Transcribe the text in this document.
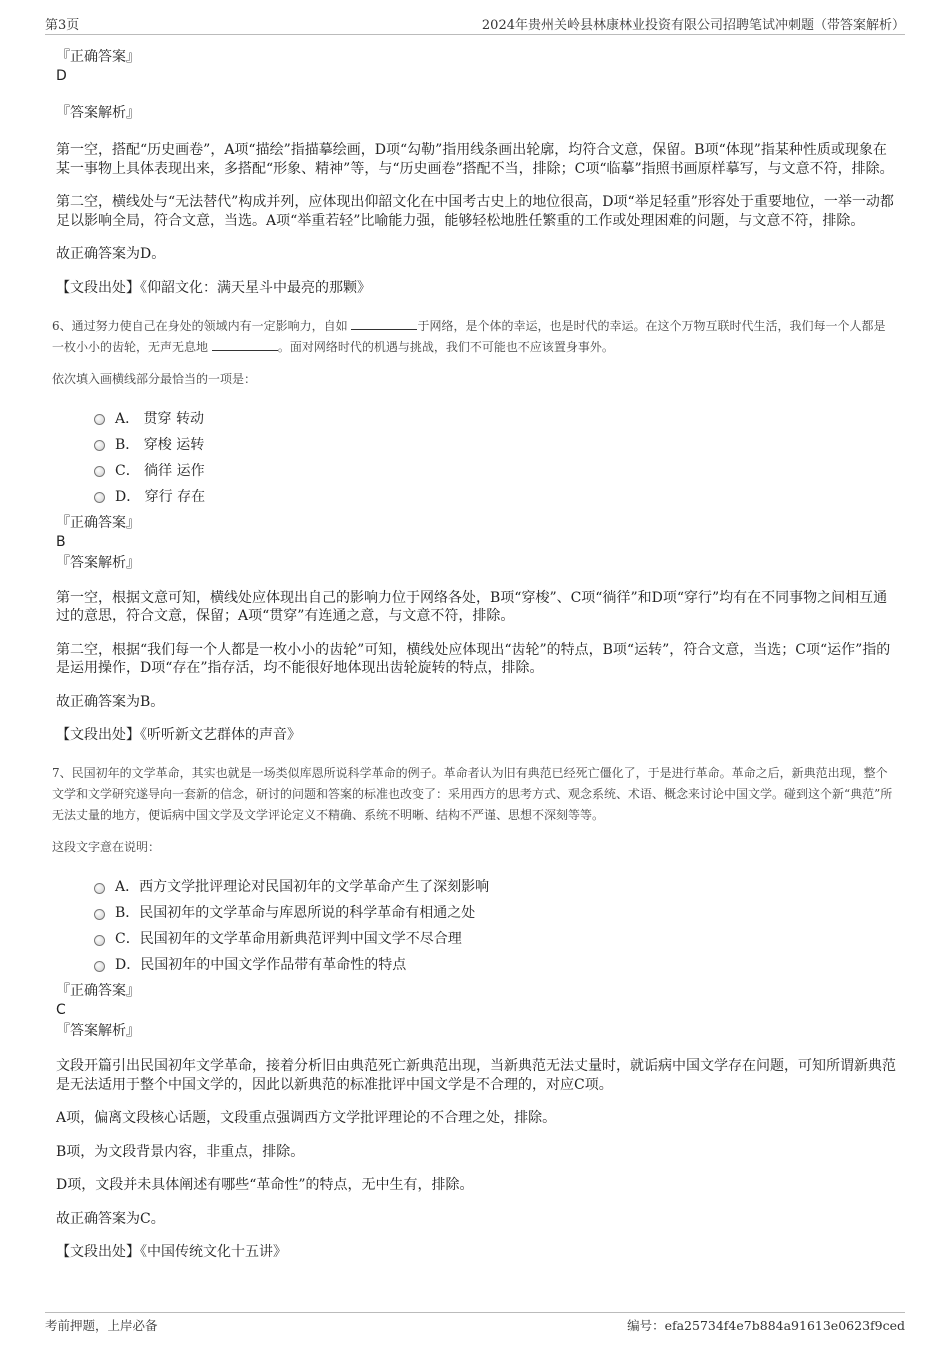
第3页	2024年贵州关岭县林康林业投资有限公司招聘笔试冲刺题（带答案解析）
『正确答案』
D
『答案解析』

第一空，搭配“历史画卷”，A项“描绘”指描摹绘画，D项“勾勒”指用线条画出轮廓，均符合文意，保留。B项“体现”指某种性质或现象在某一事物上具体表现出来，多搭配“形象、精神”等，与“历史画卷”搭配不当，排除；C项“临摹”指照书画原样摹写，与文意不符，排除。

第二空，横线处与“无法替代”构成并列，应体现出仰韶文化在中国考古史上的地位很高，D项“举足轻重”形容处于重要地位，一举一动都足以影响全局，符合文意，当选。A项“举重若轻”比喻能力强，能够轻松地胜任繁重的工作或处理困难的问题，与文意不符，排除。

故正确答案为D。

【文段出处】《仰韶文化：满天星斗中最亮的那颗》

6、通过努力使自己在身处的领域内有一定影响力，自如	于网络，是个体的幸运，也是时代的幸运。在这个万物互联时代生活，我们每一个人都是一枚小小的齿轮，无声无息地	。面对网络时代的机遇与挑战，我们不可能也不应该置身事外。

依次填入画横线部分最恰当的一项是：

A． 贯穿 转动
B． 穿梭 运转
C． 徜徉 运作
D． 穿行 存在
『正确答案』
B
『答案解析』

第一空，根据文意可知，横线处应体现出自己的影响力位于网络各处，B项“穿梭”、C项“徜徉”和D项“穿行”均有在不同事物之间相互通过的意思，符合文意，保留；A项“贯穿”有连通之意，与文意不符，排除。

第二空，根据“我们每一个人都是一枚小小的齿轮”可知，横线处应体现出“齿轮”的特点，B项“运转”，符合文意，当选；C项“运作”指的是运用操作，D项“存在”指存活，均不能很好地体现出齿轮旋转的特点，排除。

故正确答案为B。

【文段出处】《听听新文艺群体的声音》

7、民国初年的文学革命，其实也就是一场类似库恩所说科学革命的例子。革命者认为旧有典范已经死亡僵化了，于是进行革命。革命之后，新典范出现，整个文学和文学研究遂导向一套新的信念，研讨的问题和答案的标准也改变了：采用西方的思考方式、观念系统、术语、概念来讨论中国文学。碰到这个新“典范”所无法丈量的地方，便诟病中国文学及文学评论定义不精确、系统不明晰、结构不严谨、思想不深刻等等。

这段文字意在说明：

A．西方文学批评理论对民国初年的文学革命产生了深刻影响
B．民国初年的文学革命与库恩所说的科学革命有相通之处
C．民国初年的文学革命用新典范评判中国文学不尽合理
D．民国初年的中国文学作品带有革命性的特点
『正确答案』
C
『答案解析』

文段开篇引出民国初年文学革命，接着分析旧由典范死亡新典范出现，当新典范无法丈量时，就诟病中国文学存在问题，可知所谓新典范是无法适用于整个中国文学的，因此以新典范的标准批评中国文学是不合理的，对应C项。

A项，偏离文段核心话题，文段重点强调西方文学批评理论的不合理之处，排除。

B项，为文段背景内容，非重点，排除。

D项，文段并未具体阐述有哪些“革命性”的特点，无中生有，排除。

故正确答案为C。

【文段出处】《中国传统文化十五讲》

考前押题，上岸必备	编号：efa25734f4e7b884a91613e0623f9ced
